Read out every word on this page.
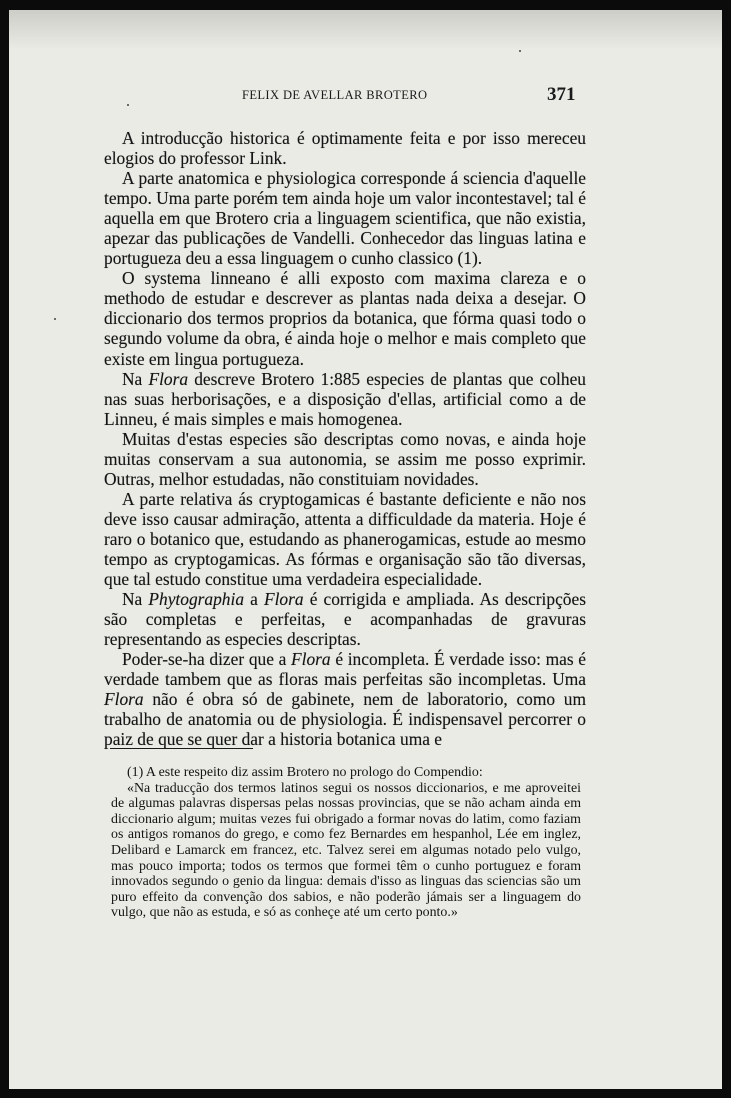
FELIX DE AVELLAR BROTERO	371

A introducção historica é optimamente feita e por isso mereceu elogios do professor Link.

A parte anatomica e physiologica corresponde á sciencia d'aquelle tempo. Uma parte porém tem ainda hoje um valor incontestavel; tal é aquella em que Brotero cria a linguagem scientifica, que não existia, apezar das publicações de Vandelli. Conhecedor das linguas latina e portugueza deu a essa linguagem o cunho classico (1).

O systema linneano é alli exposto com maxima clareza e o methodo de estudar e descrever as plantas nada deixa a desejar. O diccionario dos termos proprios da botanica, que fórma quasi todo o segundo volume da obra, é ainda hoje o melhor e mais completo que existe em lingua portugueza.

Na Flora descreve Brotero 1:885 especies de plantas que colheu nas suas herborisações, e a disposição d'ellas, artificial como a de Linneu, é mais simples e mais homogenea.

Muitas d'estas especies são descriptas como novas, e ainda hoje muitas conservam a sua autonomia, se assim me posso exprimir. Outras, melhor estudadas, não constituiam novidades.

A parte relativa ás cryptogamicas é bastante deficiente e não nos deve isso causar admiração, attenta a difficuldade da materia. Hoje é raro o botanico que, estudando as phanerogamicas, estude ao mesmo tempo as cryptogamicas. As fórmas e organisação são tão diversas, que tal estudo constitue uma verdadeira especialidade.

Na Phytographia a Flora é corrigida e ampliada. As descripções são completas e perfeitas, e acompanhadas de gravuras representando as especies descriptas.

Poder-se-ha dizer que a Flora é incompleta. É verdade isso: mas é verdade tambem que as floras mais perfeitas são incompletas. Uma Flora não é obra só de gabinete, nem de laboratorio, como um trabalho de anatomia ou de physiologia. É indispensavel percorrer o paiz de que se quer dar a historia botanica uma e

(1) A este respeito diz assim Brotero no prologo do Compendio:

«Na traducção dos termos latinos segui os nossos diccionarios, e me aproveitei de algumas palavras dispersas pelas nossas provincias, que se não acham ainda em diccionario algum; muitas vezes fui obrigado a formar novas do latim, como faziam os antigos romanos do grego, e como fez Bernardes em hespanhol, Lée em inglez, Delibard e Lamarck em francez, etc. Talvez serei em algumas notado pelo vulgo, mas pouco importa; todos os termos que formei têm o cunho portuguez e foram innovados segundo o genio da lingua: demais d'isso as linguas das sciencias são um puro effeito da convenção dos sabios, e não poderão jámais ser a linguagem do vulgo, que não as estuda, e só as conheçe até um certo ponto.»
